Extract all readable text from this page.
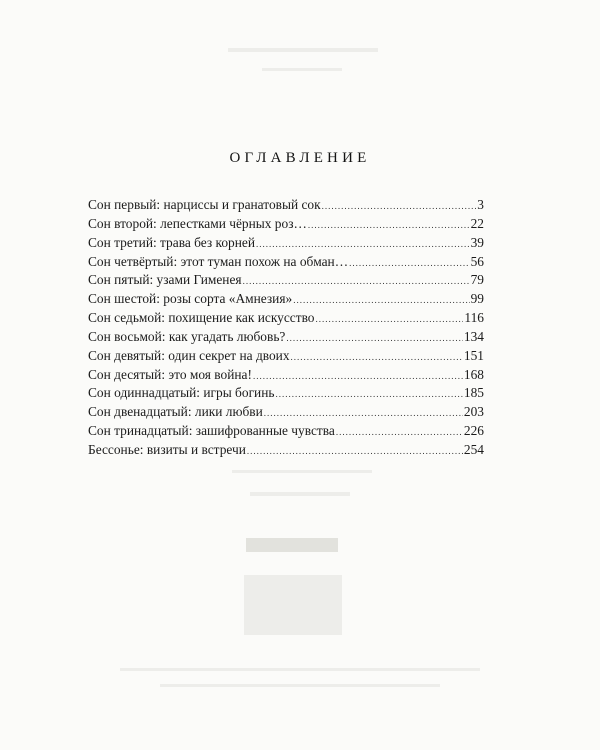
оглавление
Сон первый: нарциссы и гранатовый сок .....	3
Сон второй: лепестками чёрных роз… .....	22
Сон третий: трава без корней .....	39
Сон четвёртый: этот туман похож на обман… .....	56
Сон пятый: узами Гименея .....	79
Сон шестой: розы сорта «Амнезия» .....	99
Сон седьмой: похищение как искусство .....	116
Сон восьмой: как угадать любовь? .....	134
Сон девятый: один секрет на двоих .....	151
Сон десятый: это моя война! .....	168
Сон одиннадцатый: игры богинь .....	185
Сон двенадцатый: лики любви .....	203
Сон тринадцатый: зашифрованные чувства .....	226
Бессонье: визиты и встречи .....	254
